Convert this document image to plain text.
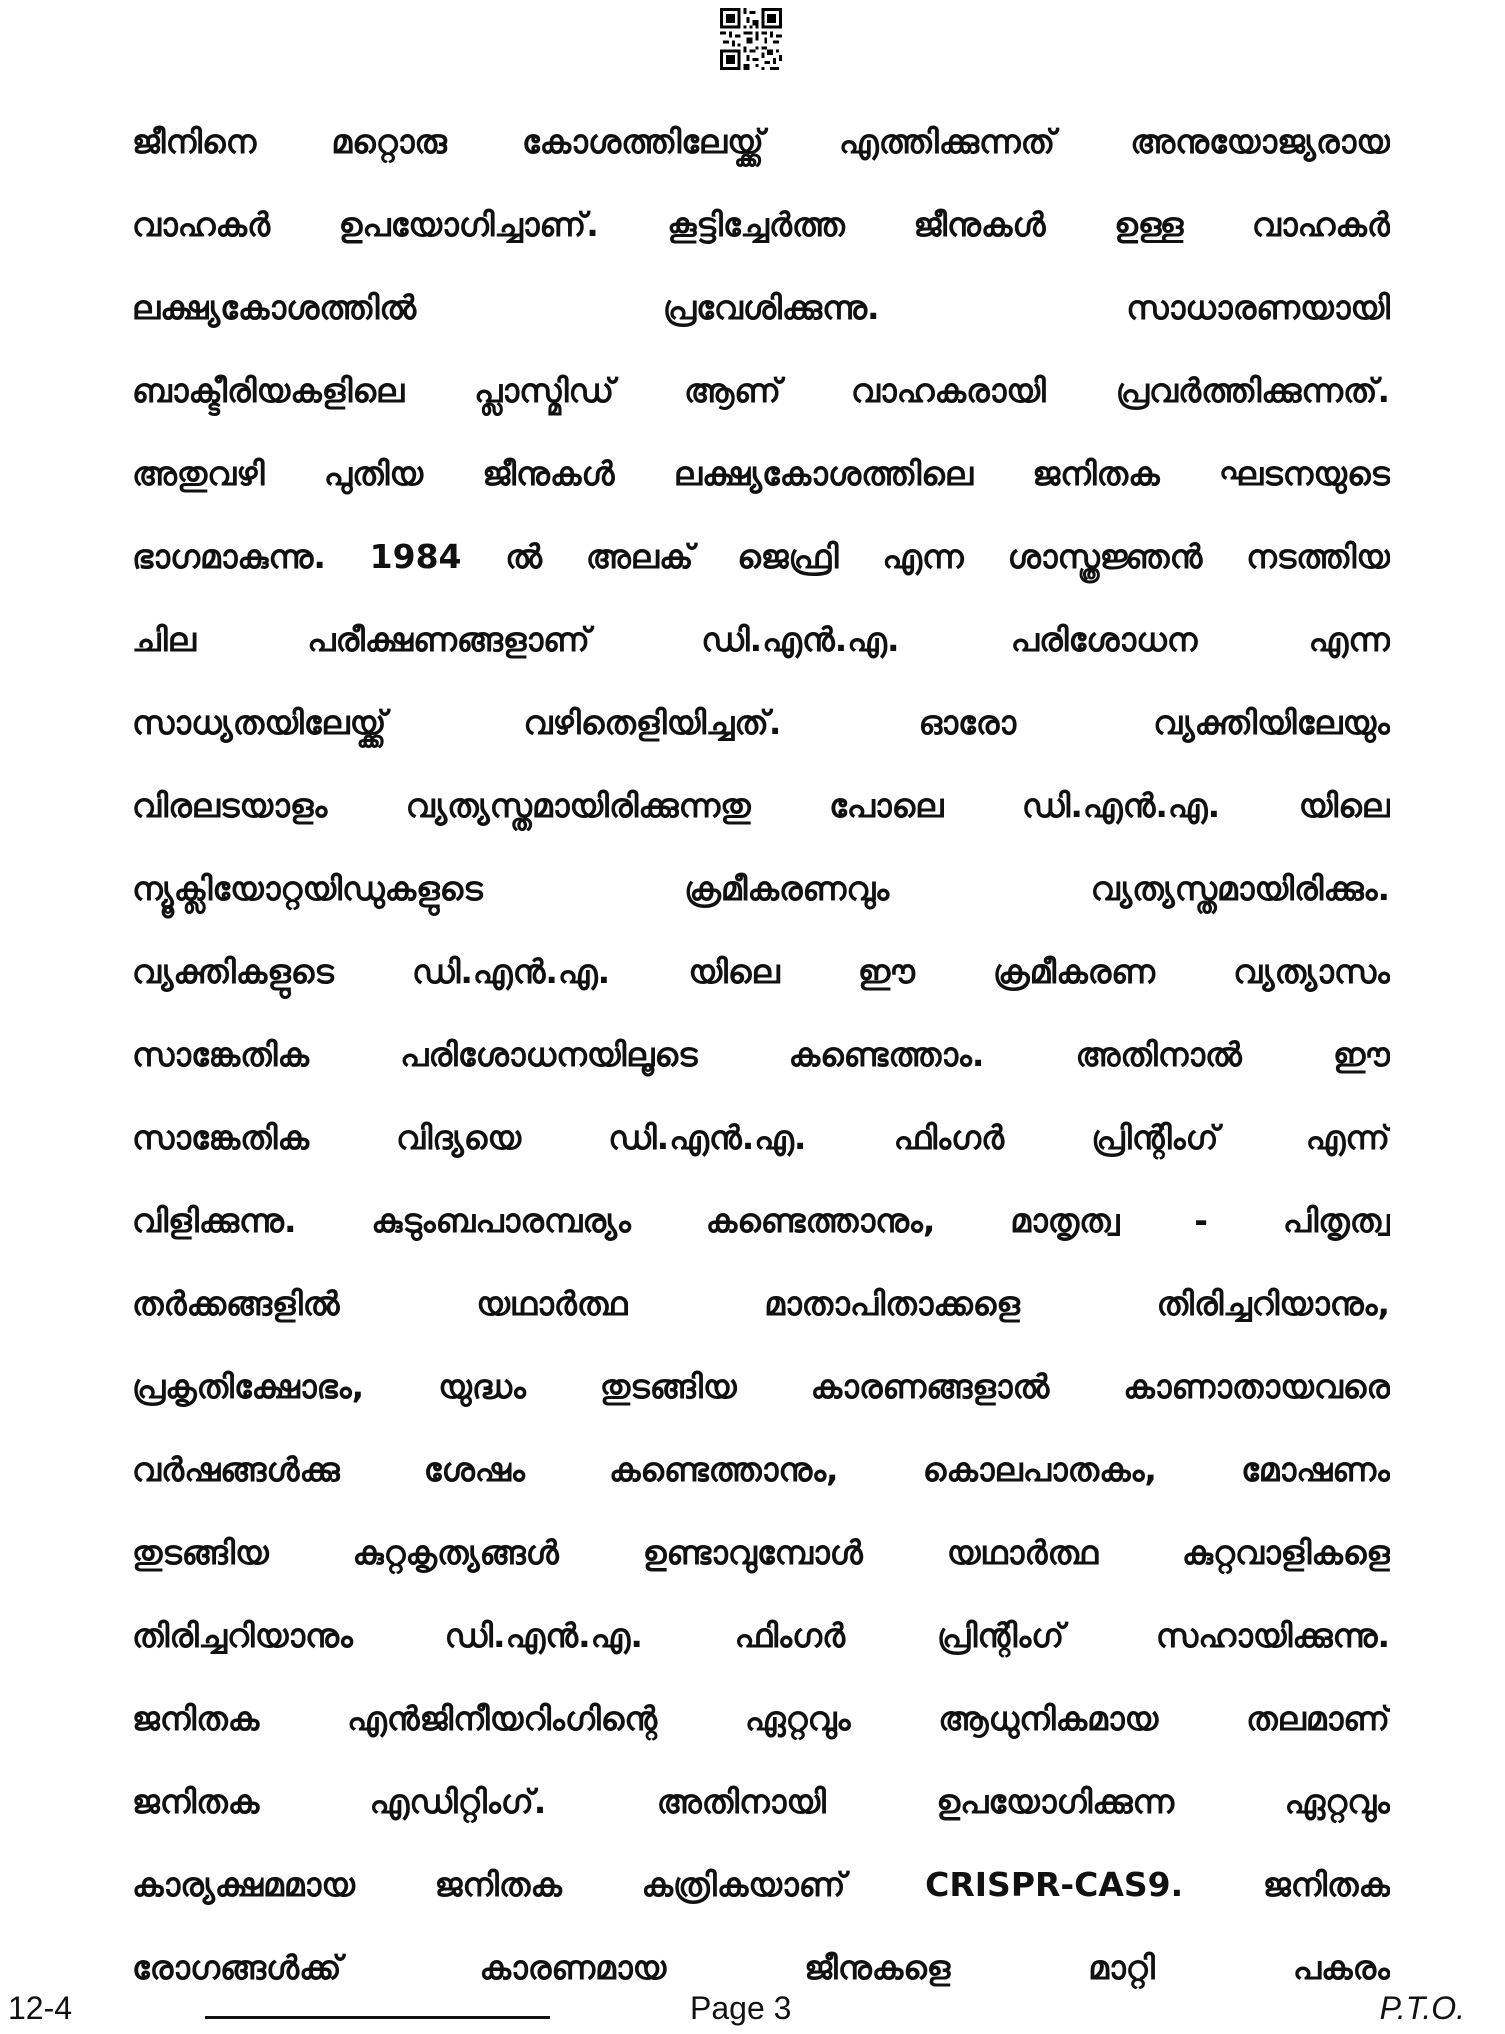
ജീനിനെ മറ്റൊരു കോശത്തിലേയ്ക്ക് എത്തിക്കുന്നത് അനുയോജ്യരായ
വാഹകർ ഉപയോഗിച്ചാണ്. കൂട്ടിച്ചേർത്ത ജീനുകൾ ഉള്ള വാഹകർ
ലക്ഷ്യകോശത്തിൽ പ്രവേശിക്കുന്നു. സാധാരണയായി
ബാക്ടീരിയകളിലെ പ്ലാസ്മിഡ് ആണ് വാഹകരായി പ്രവർത്തിക്കുന്നത്.
അതുവഴി പുതിയ ജീനുകൾ ലക്ഷ്യകോശത്തിലെ ജനിതക ഘടനയുടെ
ഭാഗമാകുന്നു. 1984 ൽ അലക് ജെഫ്രി എന്ന ശാസ്ത്രജ്ഞൻ നടത്തിയ
ചില പരീക്ഷണങ്ങളാണ് ഡി.എൻ.എ. പരിശോധന എന്ന
സാധ്യതയിലേയ്ക്ക് വഴിതെളിയിച്ചത്. ഓരോ വ്യക്തിയിലേയും
വിരലടയാളം വ്യത്യസ്തമായിരിക്കുന്നതു പോലെ ഡി.എൻ.എ. യിലെ
ന്യൂക്ലിയോറ്റയിഡുകളുടെ ക്രമീകരണവും വ്യത്യസ്തമായിരിക്കും.
വ്യക്തികളുടെ ഡി.എൻ.എ. യിലെ ഈ ക്രമീകരണ വ്യത്യാസം
സാങ്കേതിക പരിശോധനയിലൂടെ കണ്ടെത്താം. അതിനാൽ ഈ
സാങ്കേതിക വിദ്യയെ ഡി.എൻ.എ. ഫിംഗർ പ്രിന്റിംഗ് എന്ന്
വിളിക്കുന്നു. കുടുംബപാരമ്പര്യം കണ്ടെത്താനും, മാതൃത്വ - പിതൃത്വ
തർക്കങ്ങളിൽ യഥാർത്ഥ മാതാപിതാക്കളെ തിരിച്ചറിയാനും,
പ്രകൃതിക്ഷോഭം, യുദ്ധം തുടങ്ങിയ കാരണങ്ങളാൽ കാണാതായവരെ
വർഷങ്ങൾക്കു ശേഷം കണ്ടെത്താനും, കൊലപാതകം, മോഷണം
തുടങ്ങിയ കുറ്റകൃത്യങ്ങൾ ഉണ്ടാവുമ്പോൾ യഥാർത്ഥ കുറ്റവാളികളെ
തിരിച്ചറിയാനും ഡി.എൻ.എ. ഫിംഗർ പ്രിന്റിംഗ് സഹായിക്കുന്നു.
ജനിതക എൻജിനീയറിംഗിന്റെ ഏറ്റവും ആധുനികമായ തലമാണ്
ജനിതക എഡിറ്റിംഗ്. അതിനായി ഉപയോഗിക്കുന്ന ഏറ്റവും
കാര്യക്ഷമമായ ജനിതക കത്രികയാണ് CRISPR-CAS9. ജനിതക
രോഗങ്ങൾക്ക് കാരണമായ ജീനുകളെ മാറ്റി പകരം
12-4	Page 3	P.T.O.
